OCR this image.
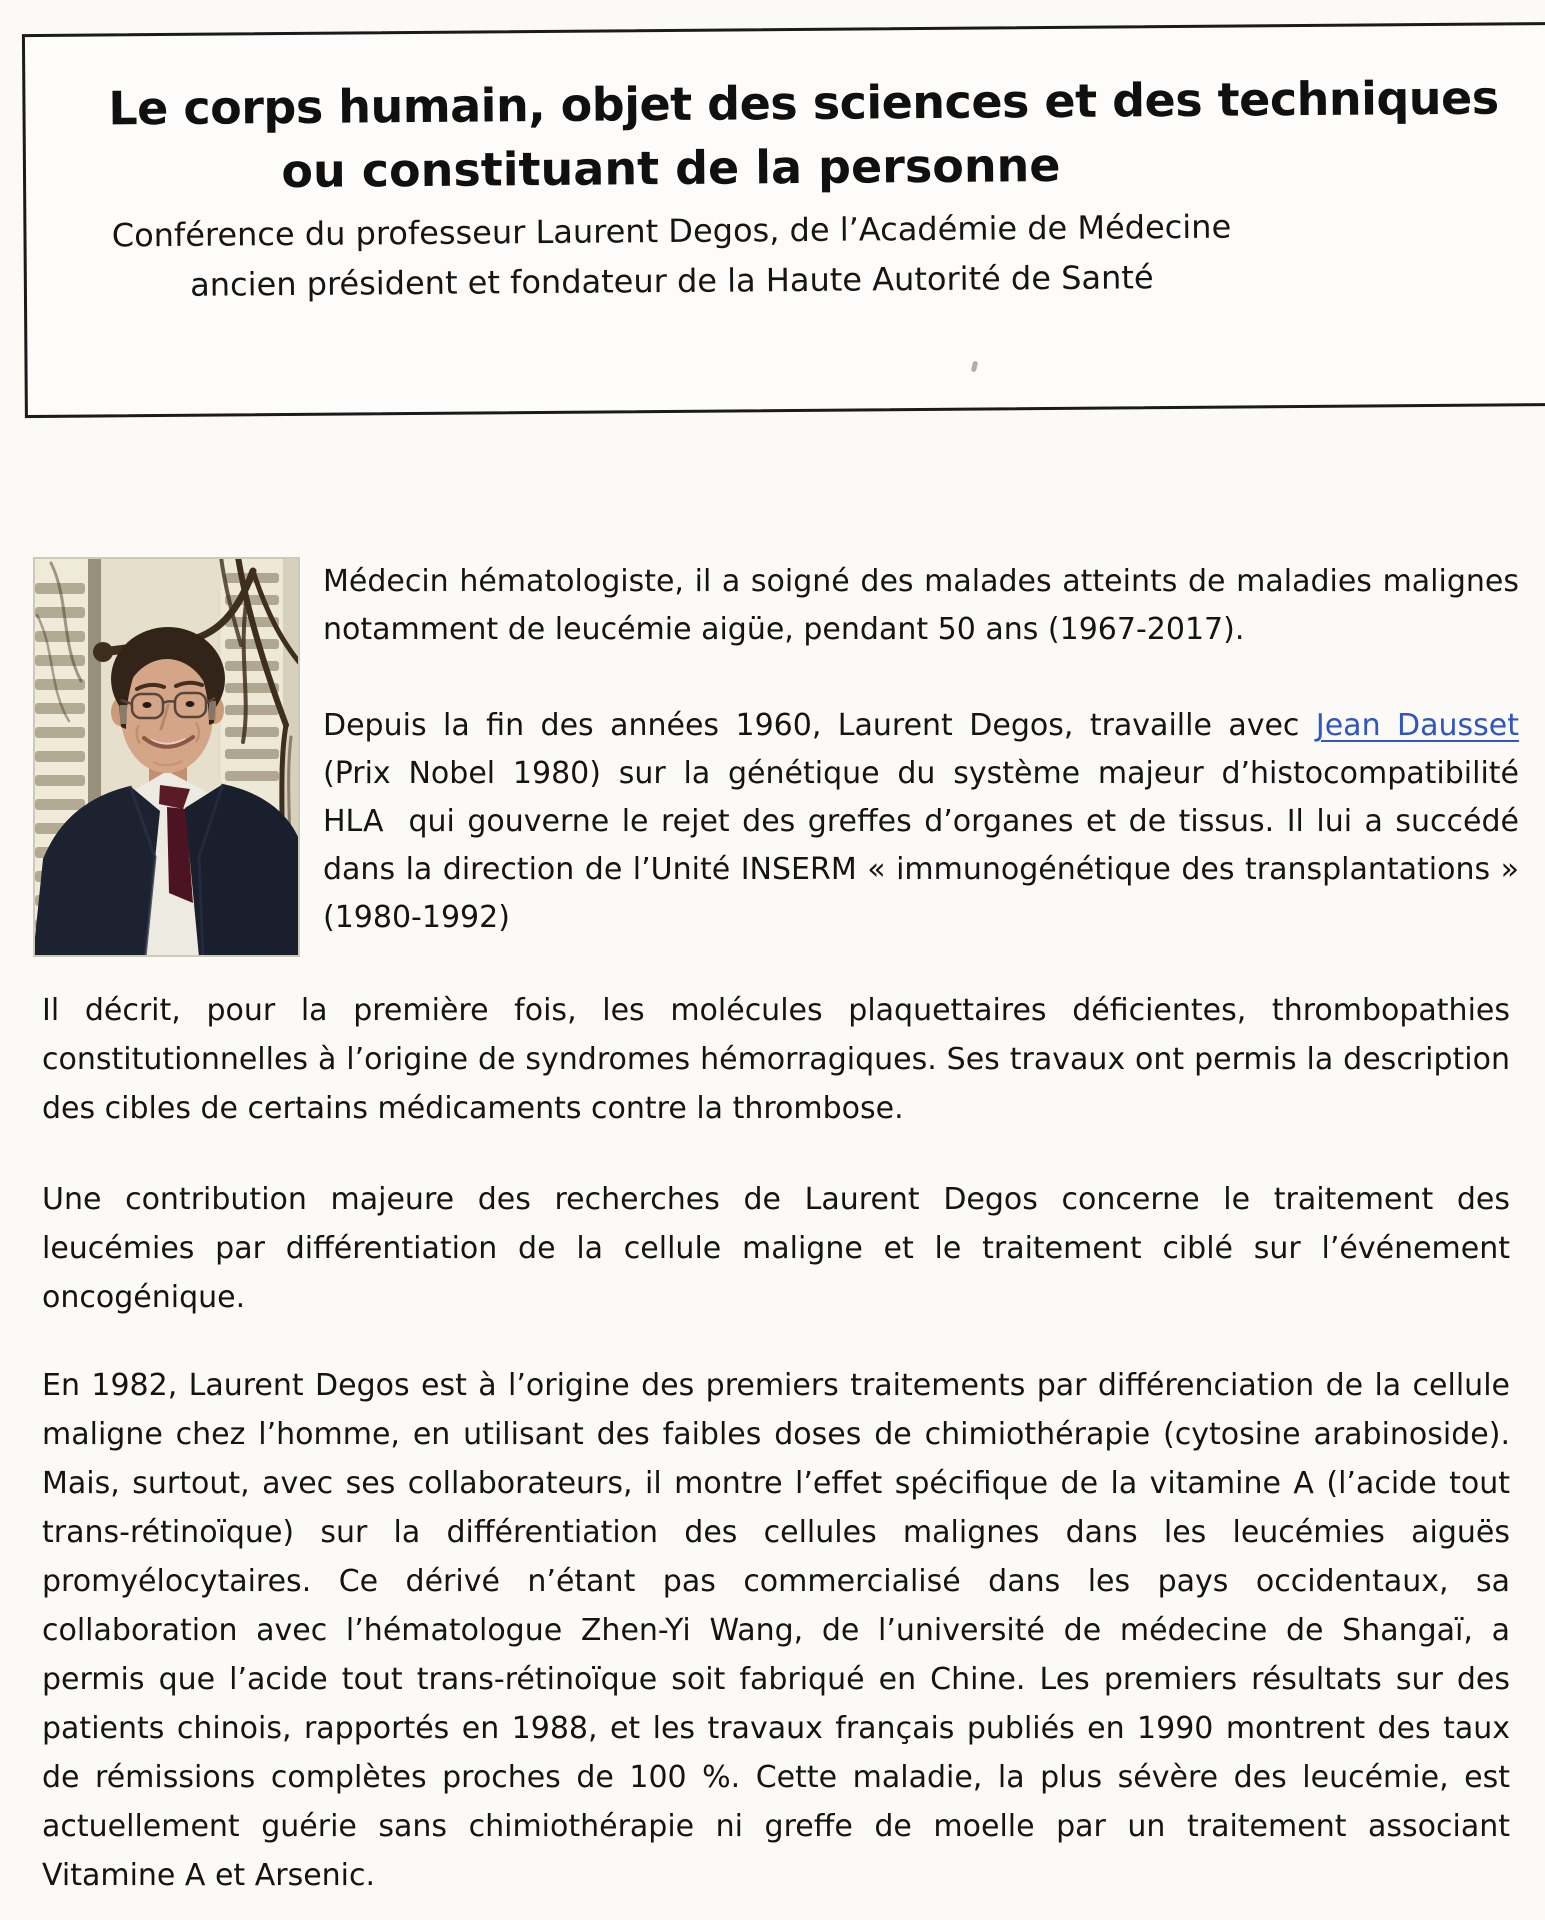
Le corps humain, objet des sciences et des techniques
ou constituant de la personne
Conférence du professeur Laurent Degos, de l’Académie de Médecine
ancien président et fondateur de la Haute Autorité de Santé

Médecin hématologiste, il a soigné des malades atteints de maladies malignes notamment de leucémie aigüe, pendant 50 ans (1967-2017).

Depuis la fin des années 1960, Laurent Degos, travaille avec Jean Dausset (Prix Nobel 1980) sur la génétique du système majeur d’histocompatibilité HLA  qui gouverne le rejet des greffes d’organes et de tissus. Il lui a succédé dans la direction de l’Unité INSERM « immunogénétique des transplantations » (1980-1992)

Il décrit, pour la première fois, les molécules plaquettaires déficientes, thrombopathies constitutionnelles à l’origine de syndromes hémorragiques. Ses travaux ont permis la description des cibles de certains médicaments contre la thrombose.

Une contribution majeure des recherches de Laurent Degos concerne le traitement des leucémies par différentiation de la cellule maligne et le traitement ciblé sur l’événement oncogénique.

En 1982, Laurent Degos est à l’origine des premiers traitements par différenciation de la cellule maligne chez l’homme, en utilisant des faibles doses de chimiothérapie (cytosine arabinoside). Mais, surtout, avec ses collaborateurs, il montre l’effet spécifique de la vitamine A (l’acide tout trans-rétinoïque) sur la différentiation des cellules malignes dans les leucémies aiguës promyélocytaires. Ce dérivé n’étant pas commercialisé dans les pays occidentaux, sa collaboration avec l’hématologue Zhen-Yi Wang, de l’université de médecine de Shangaï, a permis que l’acide tout trans-rétinoïque soit fabriqué en Chine. Les premiers résultats sur des patients chinois, rapportés en 1988, et les travaux français publiés en 1990 montrent des taux de rémissions complètes proches de 100 %. Cette maladie, la plus sévère des leucémie, est actuellement guérie sans chimiothérapie ni greffe de moelle par un traitement associant Vitamine A et Arsenic.
